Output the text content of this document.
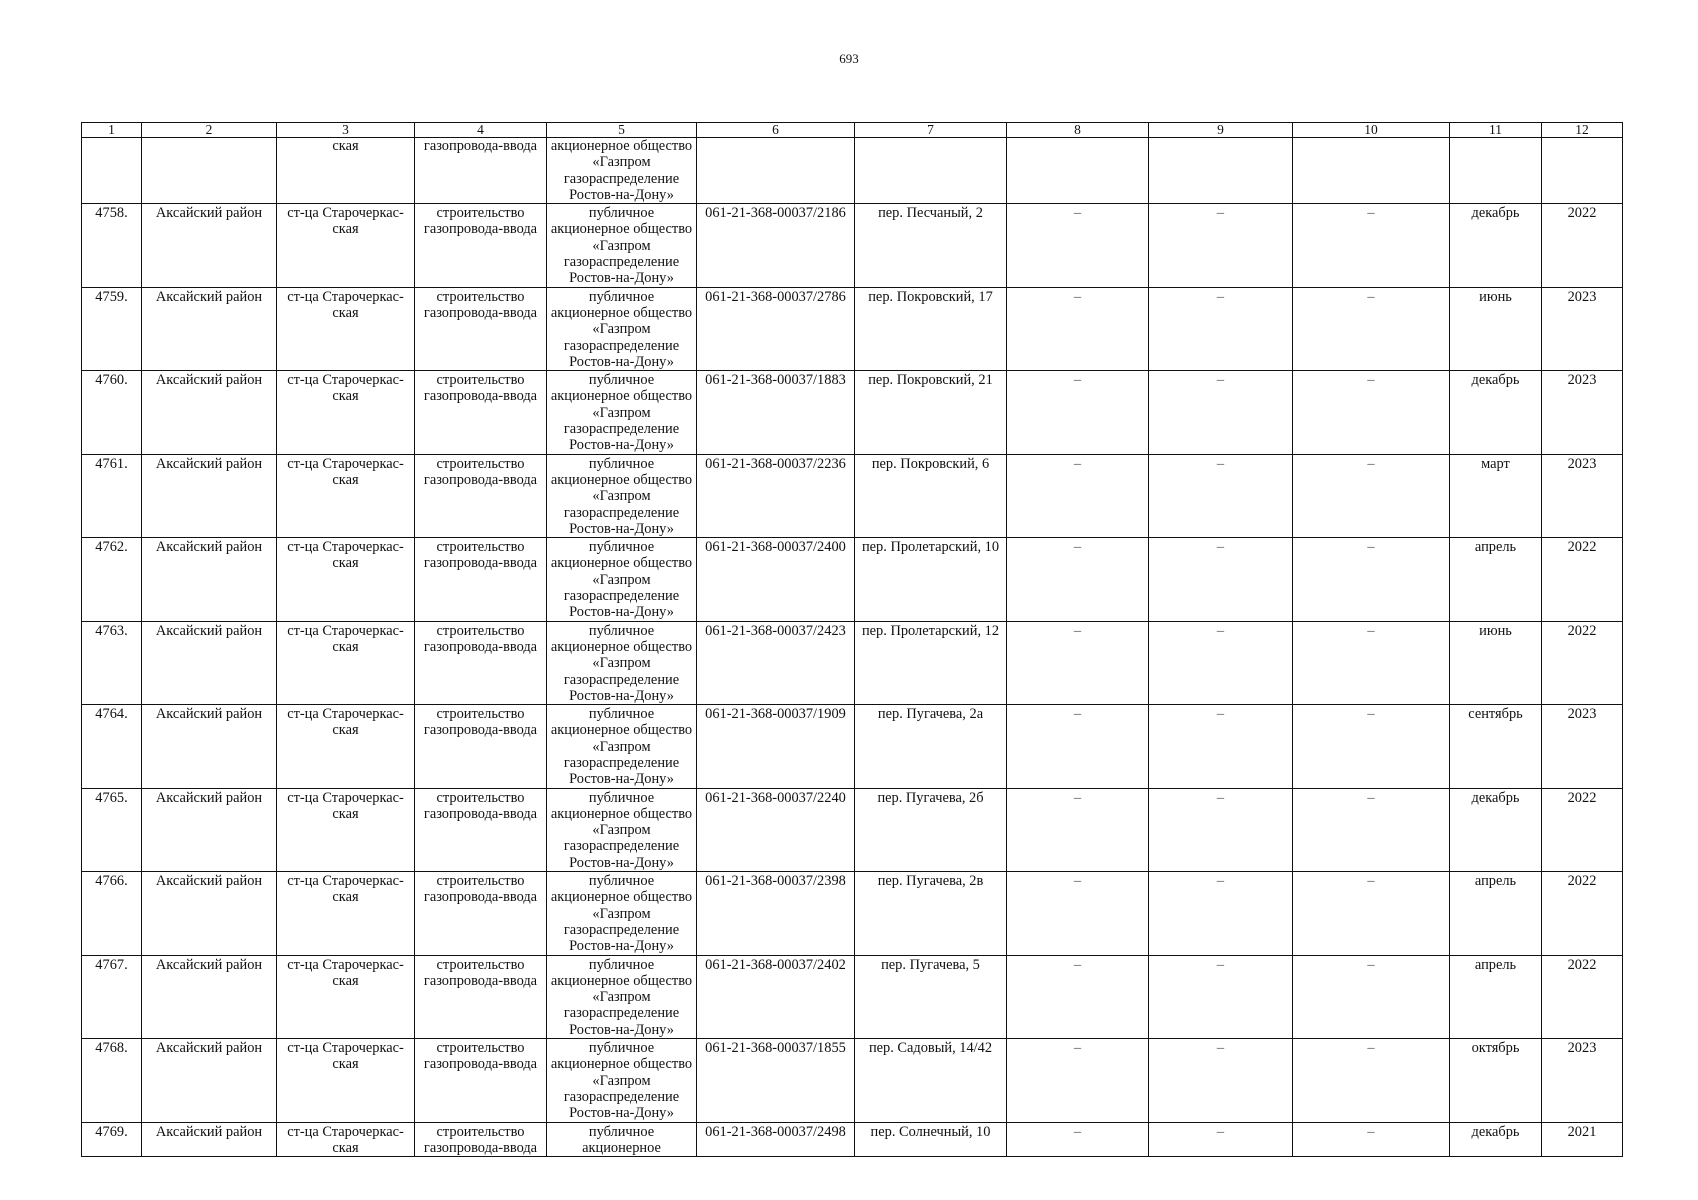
693
1	2	3	4	5	6	7	8	9	10	11	12
		ская	газопровода-ввода	акционерное общество «Газпром газораспределение Ростов-на-Дону»							
4758.	Аксайский район	ст-ца Старочеркас-ская	строительство газопровода-ввода	публичное акционерное общество «Газпром газораспределение Ростов-на-Дону»	061-21-368-00037/2186	пер. Песчаный, 2	–	–	–	декабрь	2022
4759.	Аксайский район	ст-ца Старочеркас-ская	строительство газопровода-ввода	публичное акционерное общество «Газпром газораспределение Ростов-на-Дону»	061-21-368-00037/2786	пер. Покровский, 17	–	–	–	июнь	2023
4760.	Аксайский район	ст-ца Старочеркас-ская	строительство газопровода-ввода	публичное акционерное общество «Газпром газораспределение Ростов-на-Дону»	061-21-368-00037/1883	пер. Покровский, 21	–	–	–	декабрь	2023
4761.	Аксайский район	ст-ца Старочеркас-ская	строительство газопровода-ввода	публичное акционерное общество «Газпром газораспределение Ростов-на-Дону»	061-21-368-00037/2236	пер. Покровский, 6	–	–	–	март	2023
4762.	Аксайский район	ст-ца Старочеркас-ская	строительство газопровода-ввода	публичное акционерное общество «Газпром газораспределение Ростов-на-Дону»	061-21-368-00037/2400	пер. Пролетарский, 10	–	–	–	апрель	2022
4763.	Аксайский район	ст-ца Старочеркас-ская	строительство газопровода-ввода	публичное акционерное общество «Газпром газораспределение Ростов-на-Дону»	061-21-368-00037/2423	пер. Пролетарский, 12	–	–	–	июнь	2022
4764.	Аксайский район	ст-ца Старочеркас-ская	строительство газопровода-ввода	публичное акционерное общество «Газпром газораспределение Ростов-на-Дону»	061-21-368-00037/1909	пер. Пугачева, 2а	–	–	–	сентябрь	2023
4765.	Аксайский район	ст-ца Старочеркас-ская	строительство газопровода-ввода	публичное акционерное общество «Газпром газораспределение Ростов-на-Дону»	061-21-368-00037/2240	пер. Пугачева, 2б	–	–	–	декабрь	2022
4766.	Аксайский район	ст-ца Старочеркас-ская	строительство газопровода-ввода	публичное акционерное общество «Газпром газораспределение Ростов-на-Дону»	061-21-368-00037/2398	пер. Пугачева, 2в	–	–	–	апрель	2022
4767.	Аксайский район	ст-ца Старочеркас-ская	строительство газопровода-ввода	публичное акционерное общество «Газпром газораспределение Ростов-на-Дону»	061-21-368-00037/2402	пер. Пугачева, 5	–	–	–	апрель	2022
4768.	Аксайский район	ст-ца Старочеркас-ская	строительство газопровода-ввода	публичное акционерное общество «Газпром газораспределение Ростов-на-Дону»	061-21-368-00037/1855	пер. Садовый, 14/42	–	–	–	октябрь	2023
4769.	Аксайский район	ст-ца Старочеркас-ская	строительство газопровода-ввода	публичное акционерное	061-21-368-00037/2498	пер. Солнечный, 10	–	–	–	декабрь	2021
